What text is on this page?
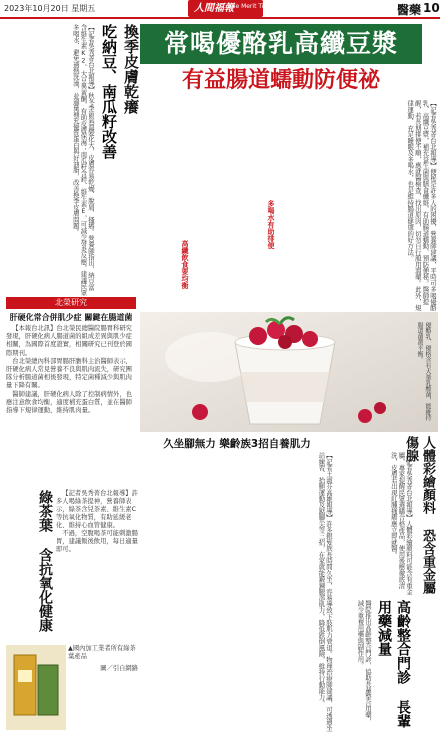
2023年10月20日 星期五	人間福報
The Merit Times	醫藥 10
換季皮膚乾癢
吃納豆、南瓜籽改善
【記者吳秀菁台北報導】秋冬季節氣溫變化大，皮膚容易乾燥、脫屑、搔癢。營養師指出，納豆富含維生素K2、大豆異黃酮，有助皮膚保濕；南瓜籽含鋅、維生素E，可減少發炎反應。建議民眾多喝水、避免過熱洗澡，並適量補充優質蛋白與好油脂，改善換季皮膚問題。	常喝優酪乳高纖豆漿
有益腸道蠕動防便祕
【記者吳秀菁台北報導】便秘是許多人的困擾，營養師建議，平時可多喝優酪乳、高纖豆漿，補充益生菌與膳食纖維，有助腸道蠕動、預防便秘。醫師提醒，若長期排便不順，應就醫檢查，找出原因，切勿自行服用瀉藥。此外，規律運動、充足睡眠及多喝水，也是維持腸道健康的好方法。
多喝水有助排便
高纖飲食要均衡
北榮研究
肝硬化常合併肌少症 關鍵在腸道菌

【本報台北訊】台北榮民總醫院腸胃科研究發現，肝硬化病人腸道菌的組成差異與肌少症相關，為國際首度證實，相關研究已刊登於國際期刊。

台北榮總內科部胃腸肝膽科主治醫師表示，肝硬化病人常見營養不良與肌肉流失，研究團隊分析腸道菌相後發現，特定菌種減少與肌肉量下降有關。

醫師建議，肝硬化病人除了控制病情外，也應注意飲食均衡，適度補充蛋白質，並在醫師指導下規律運動，維持肌肉量。	優酪乳、優格含有大量乳酸菌，能維持腸道菌叢平衡。
綠茶葉 含抗氧化健康	【記者吳秀菁台北報導】許多人喝綠茶提神，營養師表示，綠茶含兒茶素、維生素C等抗氧化物質，有助延緩老化、維持心血管健康。

不過，空腹喝茶可能刺激腸胃，建議飯後飲用，每日適量即可。

▲國內加工業者所有綠茶葉產品
圖／引自網路
久坐腳無力 樂齡族3招自養肌力
【記者王淑芬高雄報導】許多銀髮族長時間久坐，容易導致下肢肌力衰退。物理治療師建議，可透過坐站練習、抬腿運動及踮腳尖等三招，在家就能鍛鍊腿部肌力，降低跌倒風險，維持行動能力。	高齡整合門診 長輩用藥減量
醫院推出高齡整合門診，協助長輩整合用藥，減少重複用藥與副作用。
人體彩繪顏料 恐含重金屬傷腺
【記者吳秀菁台北報導】人體彩繪顏料可能含有重金屬，專家提醒民眾選購合格產品，使用後應徹底清洗，皮膚若出現紅腫搔癢應立即就醫。
